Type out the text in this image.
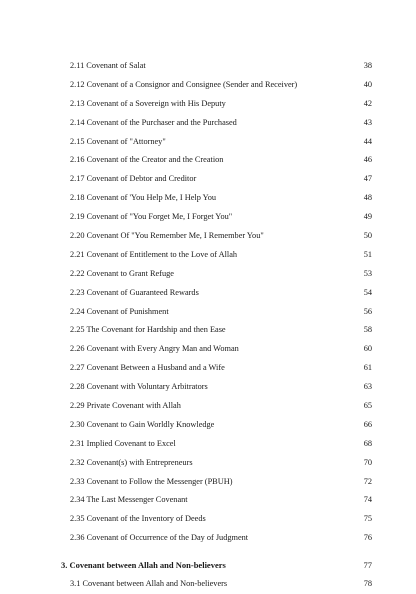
2.11 Covenant of Salat	38
2.12 Covenant of a Consignor and Consignee (Sender and Receiver)	40
2.13 Covenant of a Sovereign with His Deputy	42
2.14 Covenant of the Purchaser and the Purchased	43
2.15 Covenant of "Attorney"	44
2.16 Covenant of the Creator and the Creation	46
2.17 Covenant of Debtor and Creditor	47
2.18 Covenant of 'You Help Me, I Help You	48
2.19 Covenant of "You Forget Me, I Forget You"	49
2.20 Covenant Of "You Remember Me, I Remember You"	50
2.21 Covenant of Entitlement to the Love of Allah	51
2.22 Covenant to Grant Refuge	53
2.23 Covenant of Guaranteed Rewards	54
2.24 Covenant of Punishment	56
2.25 The Covenant for Hardship and then Ease	58
2.26 Covenant with Every Angry Man and Woman	60
2.27 Covenant Between a Husband and a Wife	61
2.28 Covenant with Voluntary Arbitrators	63
2.29 Private Covenant with Allah	65
2.30 Covenant to Gain Worldly Knowledge	66
2.31 Implied Covenant to Excel	68
2.32 Covenant(s) with Entrepreneurs	70
2.33 Covenant to Follow the Messenger (PBUH)	72
2.34 The Last Messenger Covenant	74
2.35 Covenant of the Inventory of Deeds	75
2.36 Covenant of Occurrence of the Day of Judgment	76
3. Covenant between Allah and Non-believers	77
3.1 Covenant between Allah and Non-believers	78
